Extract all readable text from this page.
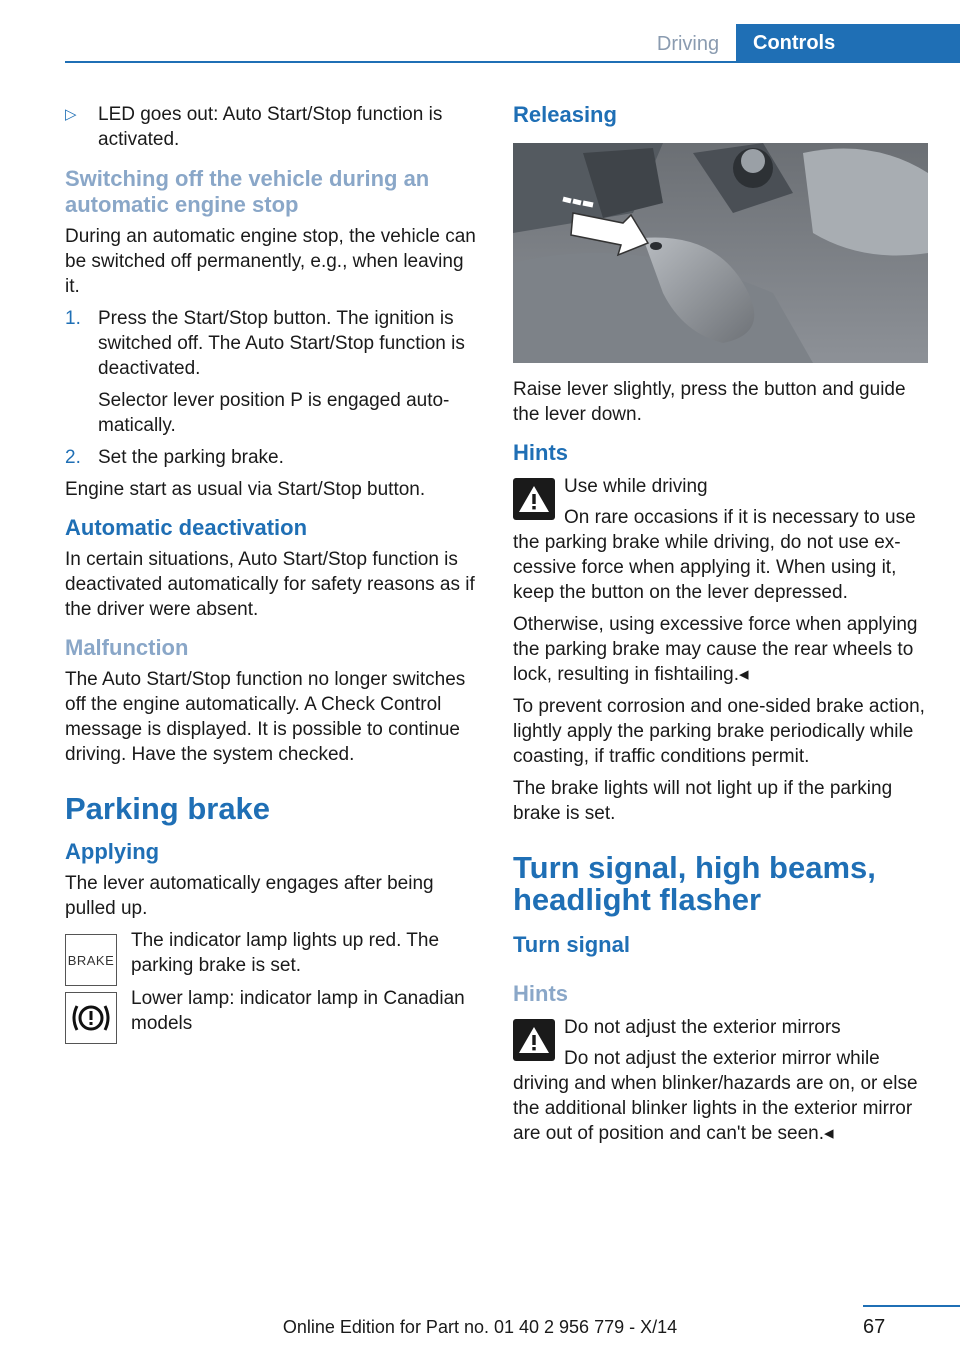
Driving	Controls
▷ LED goes out: Auto Start/Stop function is activated.

Switching off the vehicle during an automatic engine stop

During an automatic engine stop, the vehicle can be switched off permanently, e.g., when leaving it.

1. Press the Start/Stop button. The ignition is switched off. The Auto Start/Stop function is deactivated.

Selector lever position P is engaged automatically.

2. Set the parking brake.

Engine start as usual via Start/Stop button.

Automatic deactivation

In certain situations, Auto Start/Stop function is deactivated automatically for safety reasons as if the driver were absent.

Malfunction

The Auto Start/Stop function no longer switches off the engine automatically. A Check Control message is displayed. It is possible to continue driving. Have the system checked.

Parking brake

Applying

The lever automatically engages after being pulled up.

BRAKE
The indicator lamp lights up red. The parking brake is set.
Lower lamp: indicator lamp in Canadian models

Releasing

Raise lever slightly, press the button and guide the lever down.

Hints

Use while driving

On rare occasions if it is necessary to use the parking brake while driving, do not use excessive force when applying it. When using it, keep the button on the lever depressed.

Otherwise, using excessive force when applying the parking brake may cause the rear wheels to lock, resulting in fishtailing.◂

To prevent corrosion and one-sided brake action, lightly apply the parking brake periodically while coasting, if traffic conditions permit.

The brake lights will not light up if the parking brake is set.

Turn signal, high beams, headlight flasher

Turn signal

Hints

Do not adjust the exterior mirrors

Do not adjust the exterior mirror while driving and when blinker/hazards are on, or else the additional blinker lights in the exterior mirror are out of position and can't be seen.◂

67
Online Edition for Part no. 01 40 2 956 779 - X/14
